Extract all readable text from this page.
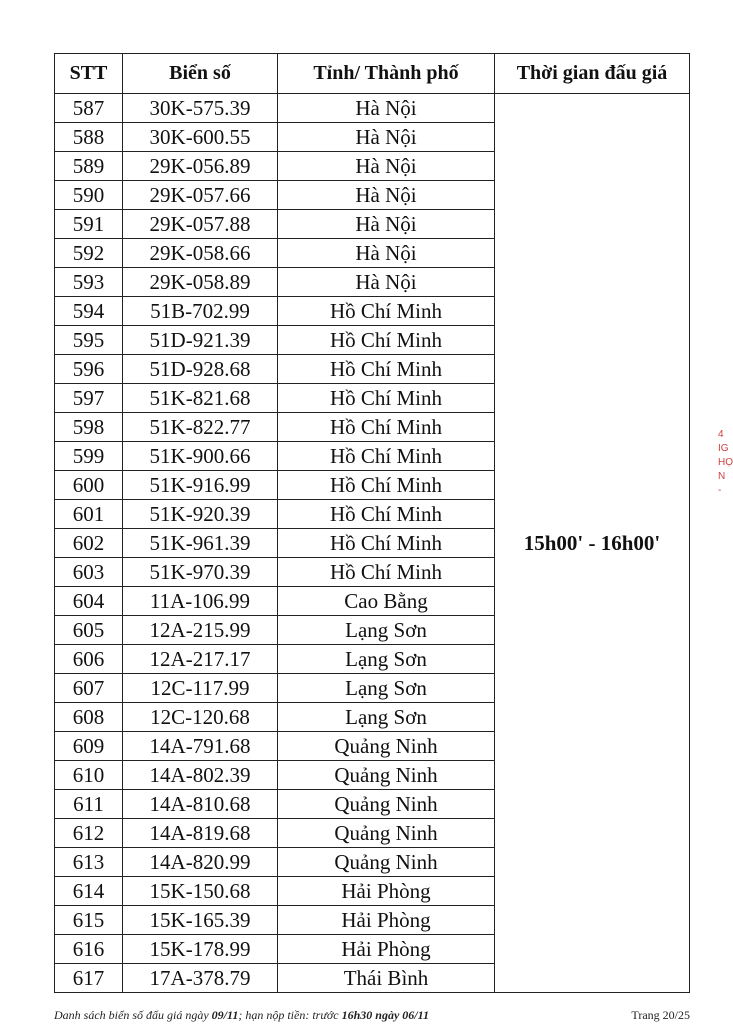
STT	Biển số	Tỉnh/ Thành phố	Thời gian đấu giá
587	30K-575.39	Hà Nội	15h00' - 16h00'
588	30K-600.55	Hà Nội	
589	29K-056.89	Hà Nội	
590	29K-057.66	Hà Nội	
591	29K-057.88	Hà Nội	
592	29K-058.66	Hà Nội	
593	29K-058.89	Hà Nội	
594	51B-702.99	Hồ Chí Minh	
595	51D-921.39	Hồ Chí Minh	
596	51D-928.68	Hồ Chí Minh	
597	51K-821.68	Hồ Chí Minh	
598	51K-822.77	Hồ Chí Minh	
599	51K-900.66	Hồ Chí Minh	
600	51K-916.99	Hồ Chí Minh	
601	51K-920.39	Hồ Chí Minh	
602	51K-961.39	Hồ Chí Minh	
603	51K-970.39	Hồ Chí Minh	
604	11A-106.99	Cao Bằng	
605	12A-215.99	Lạng Sơn	
606	12A-217.17	Lạng Sơn	
607	12C-117.99	Lạng Sơn	
608	12C-120.68	Lạng Sơn	
609	14A-791.68	Quảng Ninh	
610	14A-802.39	Quảng Ninh	
611	14A-810.68	Quảng Ninh	
612	14A-819.68	Quảng Ninh	
613	14A-820.99	Quảng Ninh	
614	15K-150.68	Hải Phòng	
615	15K-165.39	Hải Phòng	
616	15K-178.99	Hải Phòng	
617	17A-378.79	Thái Bình	
4
IG
HỌ
N
-
Danh sách biển số đấu giá ngày 09/11; hạn nộp tiền: trước 16h30 ngày 06/11	Trang 20/25
